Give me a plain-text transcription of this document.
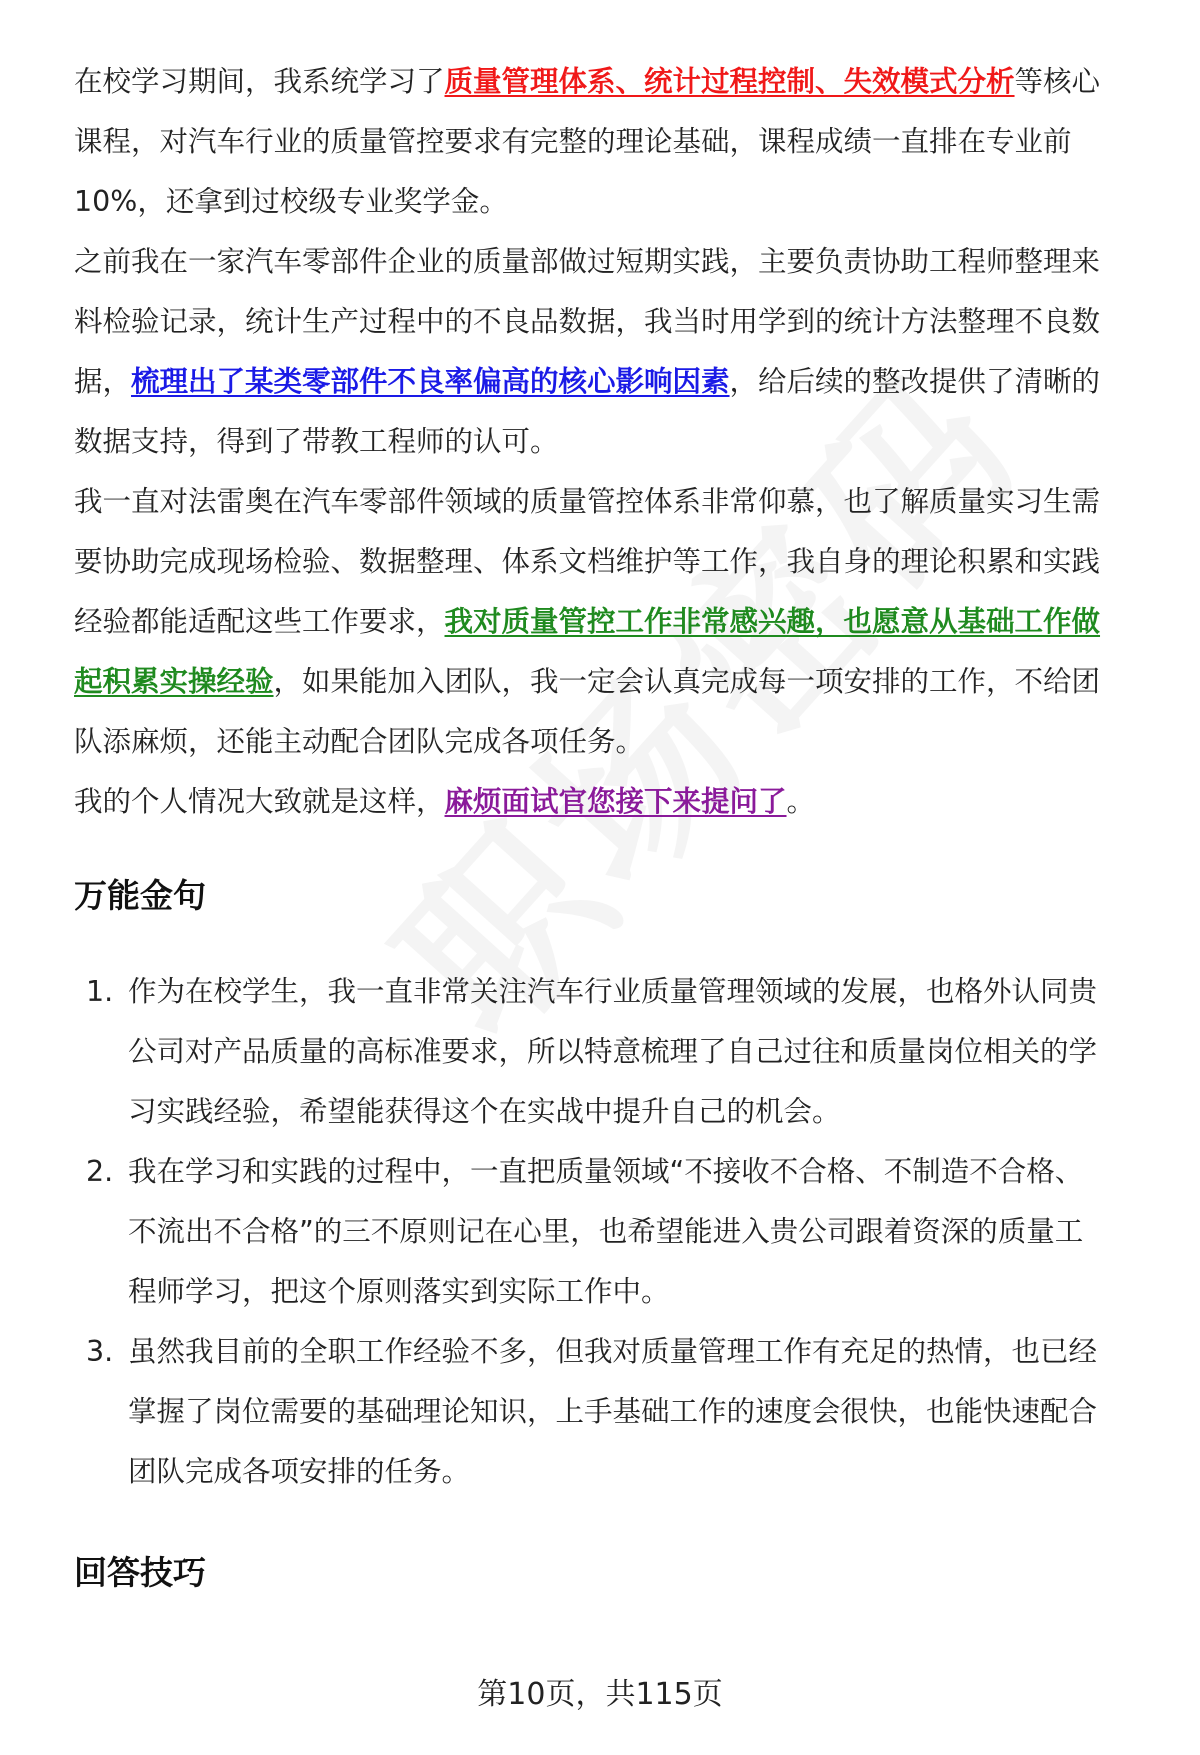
在校学习期间，我系统学习了质量管理体系、统计过程控制、失效模式分析等核心
课程，对汽车行业的质量管控要求有完整的理论基础，课程成绩一直排在专业前
10%，还拿到过校级专业奖学金。
之前我在一家汽车零部件企业的质量部做过短期实践，主要负责协助工程师整理来
料检验记录，统计生产过程中的不良品数据，我当时用学到的统计方法整理不良数
据，梳理出了某类零部件不良率偏高的核心影响因素，给后续的整改提供了清晰的
数据支持，得到了带教工程师的认可。
我一直对法雷奥在汽车零部件领域的质量管控体系非常仰慕，也了解质量实习生需
要协助完成现场检验、数据整理、体系文档维护等工作，我自身的理论积累和实践
经验都能适配这些工作要求，我对质量管控工作非常感兴趣，也愿意从基础工作做
起积累实操经验，如果能加入团队，我一定会认真完成每一项安排的工作，不给团
队添麻烦，还能主动配合团队完成各项任务。
我的个人情况大致就是这样，麻烦面试官您接下来提问了。
万能金句
1. 作为在校学生，我一直非常关注汽车行业质量管理领域的发展，也格外认同贵
公司对产品质量的高标准要求，所以特意梳理了自己过往和质量岗位相关的学
习实践经验，希望能获得这个在实战中提升自己的机会。
2. 我在学习和实践的过程中，一直把质量领域“不接收不合格、不制造不合格、
不流出不合格”的三不原则记在心里，也希望能进入贵公司跟着资深的质量工
程师学习，把这个原则落实到实际工作中。
3. 虽然我目前的全职工作经验不多，但我对质量管理工作有充足的热情，也已经
掌握了岗位需要的基础理论知识，上手基础工作的速度会很快，也能快速配合
团队完成各项安排的任务。
回答技巧
第10页，共115页
